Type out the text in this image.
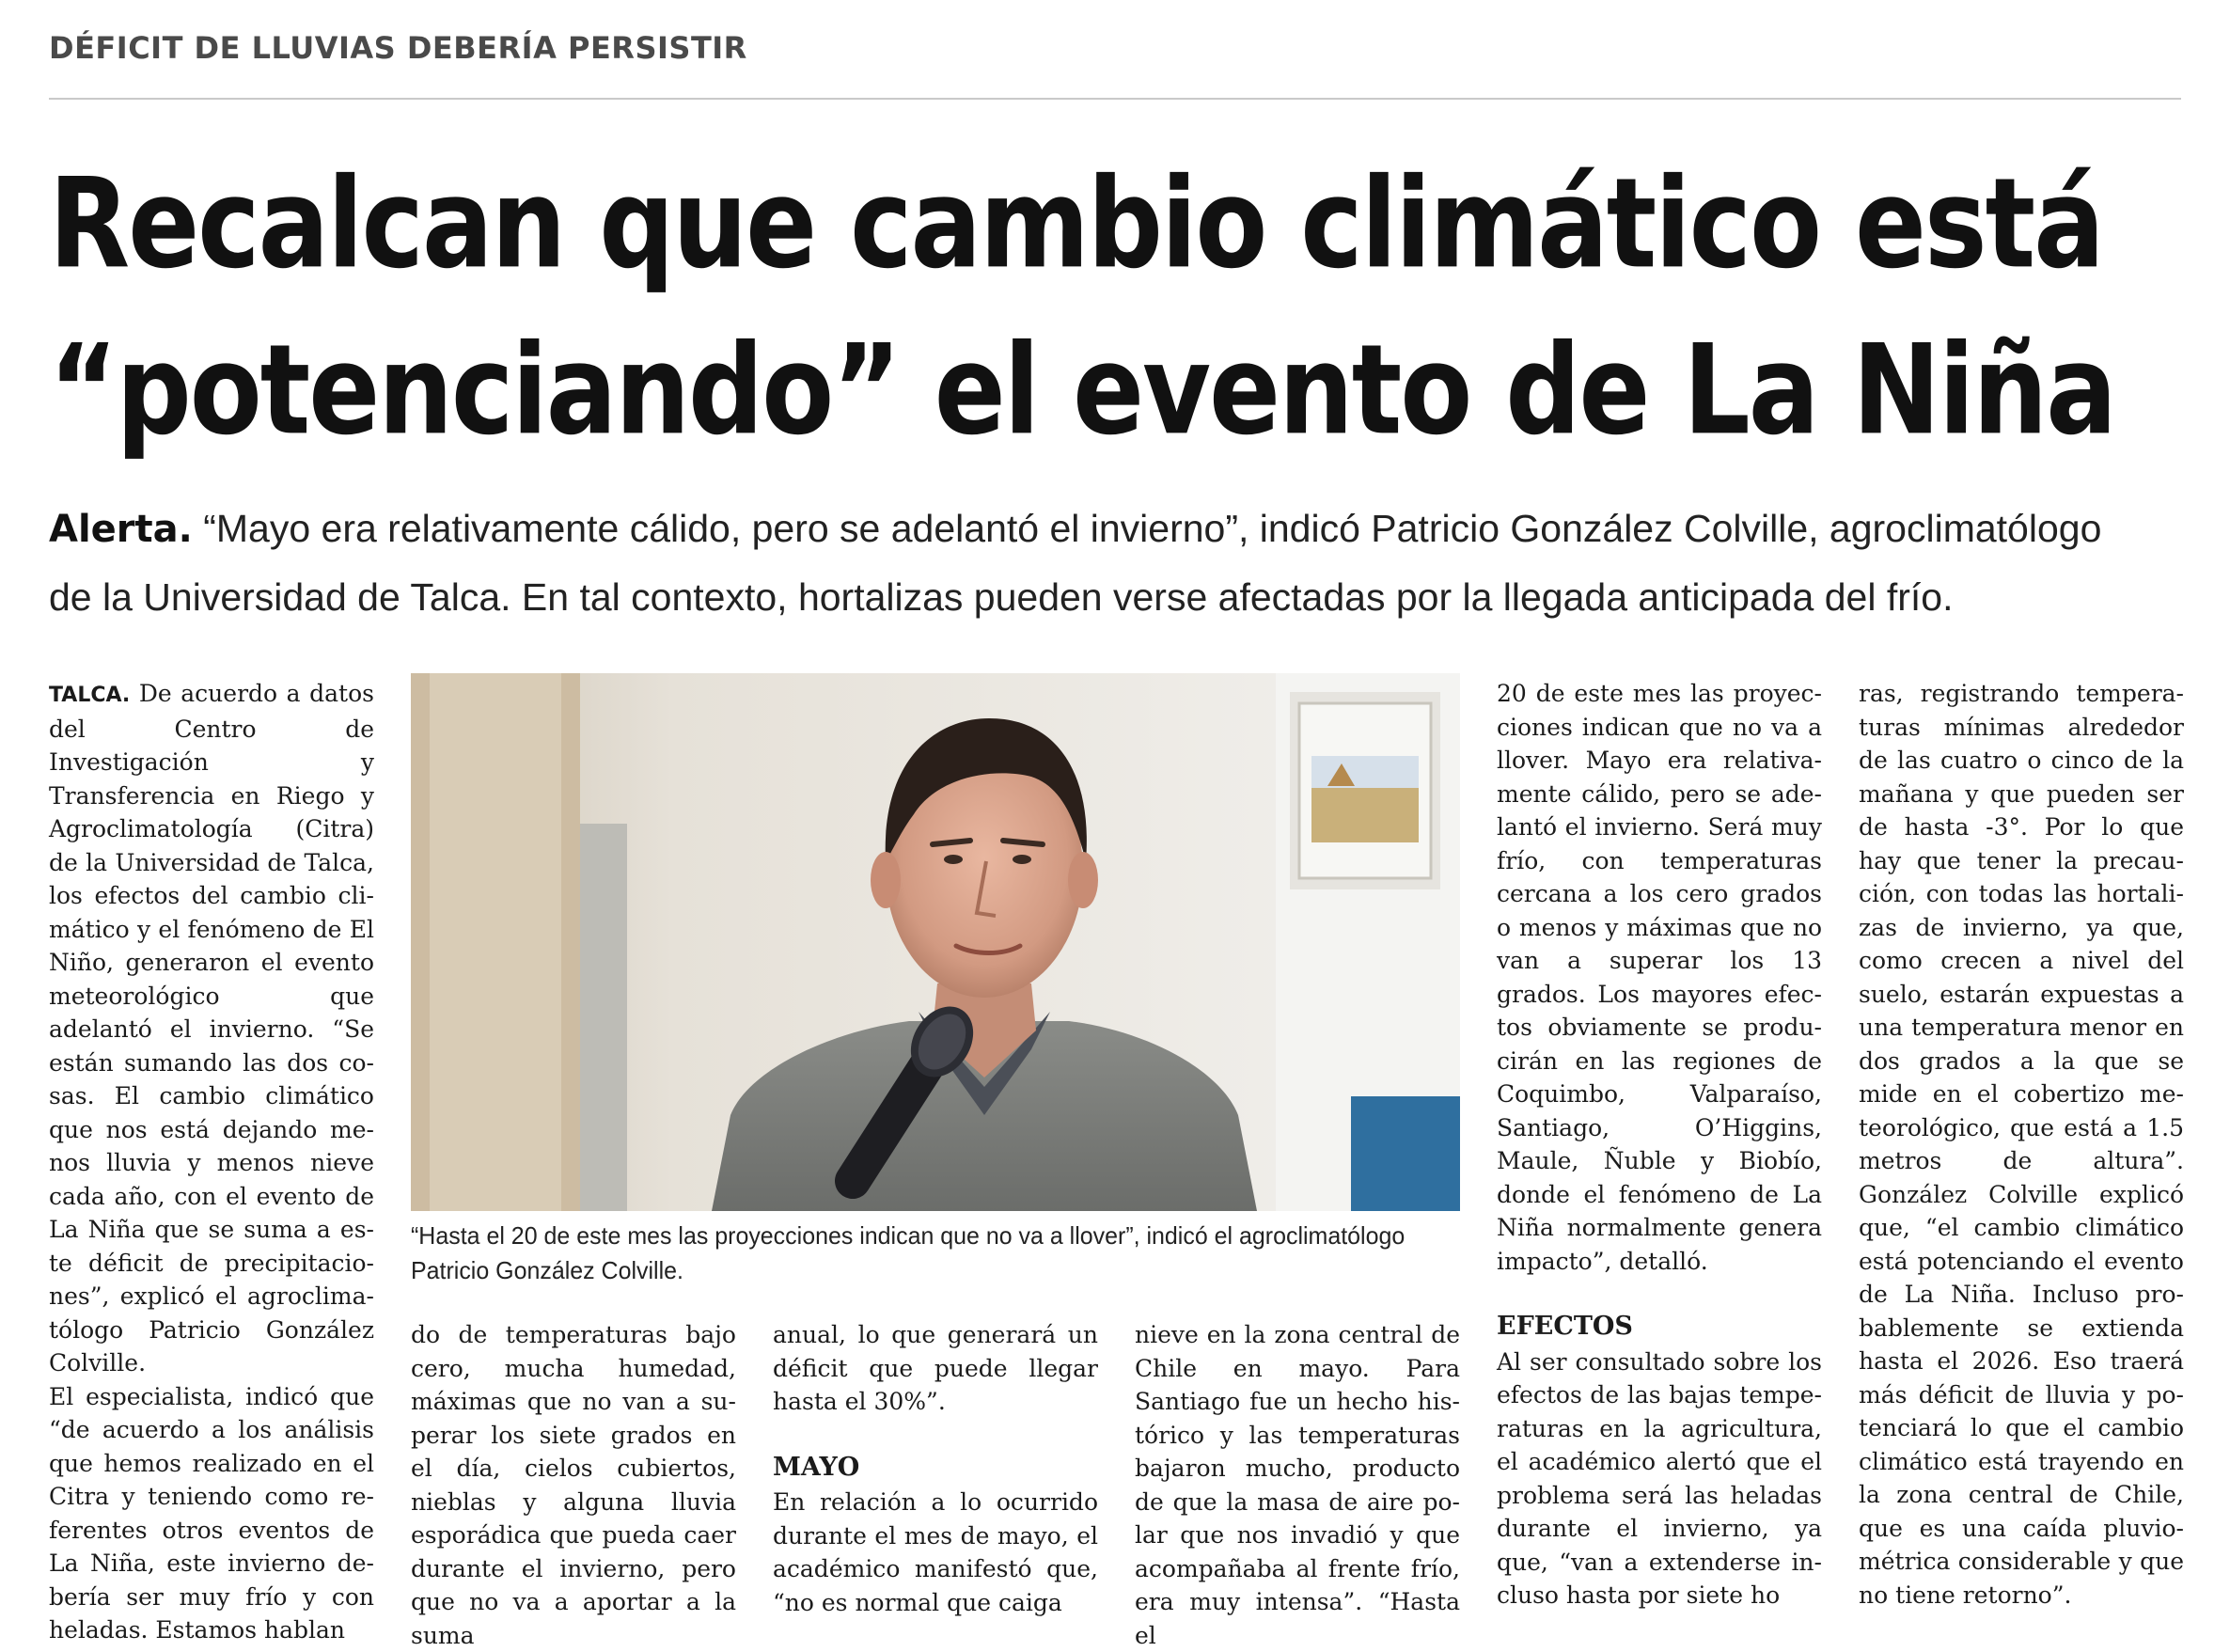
DÉFICIT DE LLUVIAS DEBERÍA PERSISTIR
Recalcan que cambio climático está
“potenciando” el evento de La Niña

Alerta. “Mayo era relativamente cálido, pero se adelantó el invierno”, indicó Patricio González Colville, agroclimatólogo
de la Universidad de Talca. En tal contexto, hortalizas pueden verse afectadas por la llegada anticipada del frío.

TALCA. De acuerdo a datos del Centro de Investigación y Transferencia en Riego y Agroclimatología (Citra) de la Universidad de Talca, los efectos del cambio climático y el fenómeno de El Niño, generaron el evento meteorológico que adelantó el invierno. “Se están sumando las dos cosas. El cambio climático que nos está dejando menos lluvia y menos nieve cada año, con el evento de La Niña que se suma a este déficit de precipitaciones”, explicó el agroclimatólogo Patricio González Colville.

El especialista, indicó que “de acuerdo a los análisis que hemos realizado en el Citra y teniendo como referentes otros eventos de La Niña, este invierno debería ser muy frío y con heladas. Estamos hablan

“Hasta el 20 de este mes las proyecciones indican que no va a llover”, indicó el agroclimatólogo
Patricio González Colville.

do de temperaturas bajo cero, mucha humedad, máximas que no van a superar los siete grados en el día, cielos cubiertos, nieblas y alguna lluvia esporádica que pueda caer durante el invierno, pero que no va a aportar a la suma

anual, lo que generará un déficit que puede llegar hasta el 30%”.

MAYO

En relación a lo ocurrido durante el mes de mayo, el académico manifestó que, “no es normal que caiga

nieve en la zona central de Chile en mayo. Para Santiago fue un hecho histórico y las temperaturas bajaron mucho, producto de que la masa de aire polar que nos invadió y que acompañaba al frente frío, era muy intensa”. “Hasta el

20 de este mes las proyecciones indican que no va a llover. Mayo era relativamente cálido, pero se adelantó el invierno. Será muy frío, con temperaturas cercana a los cero grados o menos y máximas que no van a superar los 13 grados. Los mayores efectos obviamente se producirán en las regiones de Coquimbo, Valparaíso, Santiago, O’Higgins, Maule, Ñuble y Biobío, donde el fenómeno de La Niña normalmente genera impacto”, detalló.

EFECTOS

Al ser consultado sobre los efectos de las bajas temperaturas en la agricultura, el académico alertó que el problema será las heladas durante el invierno, ya que, “van a extenderse incluso hasta por siete ho

ras, registrando temperaturas mínimas alrededor de las cuatro o cinco de la mañana y que pueden ser de hasta -3°. Por lo que hay que tener la precaución, con todas las hortalizas de invierno, ya que, como crecen a nivel del suelo, estarán expuestas a una temperatura menor en dos grados a la que se mide en el cobertizo meteorológico, que está a 1.5 metros de altura”. González Colville explicó que, “el cambio climático está potenciando el evento de La Niña. Incluso probablemente se extienda hasta el 2026. Eso traerá más déficit de lluvia y potenciará lo que el cambio climático está trayendo en la zona central de Chile, que es una caída pluviométrica considerable y que no tiene retorno”.
